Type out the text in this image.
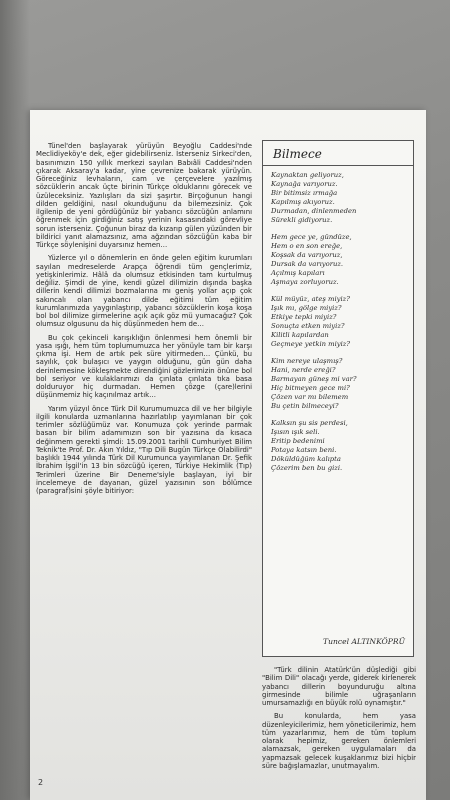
Tünel'den başlayarak yürüyün Beyoğlu Caddesi'nde Meclidiyeköy'e dek, eğer gidebilirseniz. İsterseniz Sirkeci'den, basınımızın 150 yıllık merkezi sayılan Babıâli Caddesi'nden çıkarak Aksaray'a kadar, yine çevrenize bakarak yürüyün. Göreceğiniz levhaların, cam ve çerçevelere yazılmış sözcüklerin ancak üçte birinin Türkçe olduklarını görecek ve üzüleceksiniz. Yazılışları da sizi şaşırtır. Birçoğunun hangi dilden geldiğini, nasıl okunduğunu da bilemezsiniz. Çok ilgilenip de yeni gördüğünüz bir yabancı sözcüğün anlamını öğrenmek için girdiğiniz satış yerinin kasasındaki görevliye sorun isterseniz. Çoğunun biraz da kızarıp gülen yüzünden bir bildirici yanıt alamazsınız, ama ağzından sözcüğün kaba bir Türkçe söylenişini duyarsınız hemen…

Yüzlerce yıl o dönemlerin en önde gelen eğitim kurumları sayılan medreselerde Arapça öğrendi tüm gençlerimiz, yetişkinlerimiz. Hâlâ da olumsuz etkisinden tam kurtulmuş değiliz. Şimdi de yine, kendi güzel dilimizin dışında başka dillerin kendi dilimizi bozmalarına mı geniş yollar açıp çok sakıncalı olan yabancı dilde eğitimi tüm eğitim kurumlarımızda yaygınlaştırıp, yabancı sözcüklerin koşa koşa bol bol dilimize girmelerine açık açık göz mü yumacağız? Çok olumsuz olgusunu da hiç düşünmeden hem de…

Bu çok çekinceli karışıklığın önlenmesi hem önemli bir yasa ışığı, hem tüm toplumumuzca her yönüyle tam bir karşı çıkma işi. Hem de artık pek süre yitirmeden… Çünkü, bu sayılık, çok bulaşıcı ve yaygın olduğunu, gün gün daha derinlemesine kökleşmekte direndiğini gözlerimizin önüne bol bol seriyor ve kulaklarımızı da çınlata çınlata tıka basa dolduruyor hiç durmadan. Hemen çözge (çare)lerini düşünmemiz hiç kaçınılmaz artık…

Yarım yüzyıl önce Türk Dil Kurumumuzca dil ve her bilgiyle ilgili konularda uzmanlarına hazırlatılıp yayımlanan bir çok terimler sözlüğümüz var. Konumuza çok yerinde parmak basan bir bilim adamımızın son bir yazısına da kısaca değinmem gerekti şimdi: 15.09.2001 tarihli Cumhuriyet Bilim Teknik'te Prof. Dr. Akın Yıldız, "Tıp Dili Bugün Türkçe Olabilirdi" başlıklı 1944 yılında Türk Dil Kurumunca yayımlanan Dr. Şefik İbrahim İşgil'in 13 bin sözcüğü içeren, Türkiye Hekimlik (Tıp) Terimleri üzerine Bir Deneme'siyle başlayan, iyi bir incelemeye de dayanan, güzel yazısının son bölümce (paragraf)sini şöyle bitiriyor:

2
Bilmece
Kaynaktan geliyoruz,
Kaynağa varıyoruz.
Bir bitimsiz ırmağa
Kapılmış akıyoruz.
Durmadan, dinlenmeden
Sürekli gidiyoruz.
Hem gece ye, gündüze,
Hem o en son ereğe,
Koşsak da varıyoruz,
Dursak da varıyoruz.
Açılmış kapıları
Aşmaya zorluyoruz.
Kül müyüz, ateş miyiz?
Işık mı, gölge miyiz?
Etkiye tepki miyiz?
Sonuçta etken miyiz?
Kilitli kapılardan
Geçmeye yetkin miyiz?
Kim nereye ulaşmış?
Hani, nerde ereği?
Barmayan güneş mi var?
Hiç bitmeyen gece mi?
Çözen var mı bilemem
Bu çetin bilmeceyi?
Kalksın şu sis perdesi,
Işısın ışık seli.
Eritip bedenimi
Potaya katsın beni.
Döküldüğüm kalıpta
Çözerim ben bu gizi.
Tuncel ALTINKÖPRÜ

"Türk dilinin Atatürk'ün düşlediği gibi "Bilim Dili" olacağı yerde, giderek kirlenerek yabancı dillerin boyunduruğu altına girmesinde bilimle uğraşanların umursamazlığı en büyük rolü oynamıştır."

Bu konularda, hem yasa düzenleyicilerimiz, hem yöneticilerimiz, hem tüm yazarlarımız, hem de tüm toplum olarak hepimiz, gereken önlemleri alamazsak, gereken uygulamaları da yapmazsak gelecek kuşaklarımız bizi hiçbir süre bağışlamazlar, unutmayalım.
